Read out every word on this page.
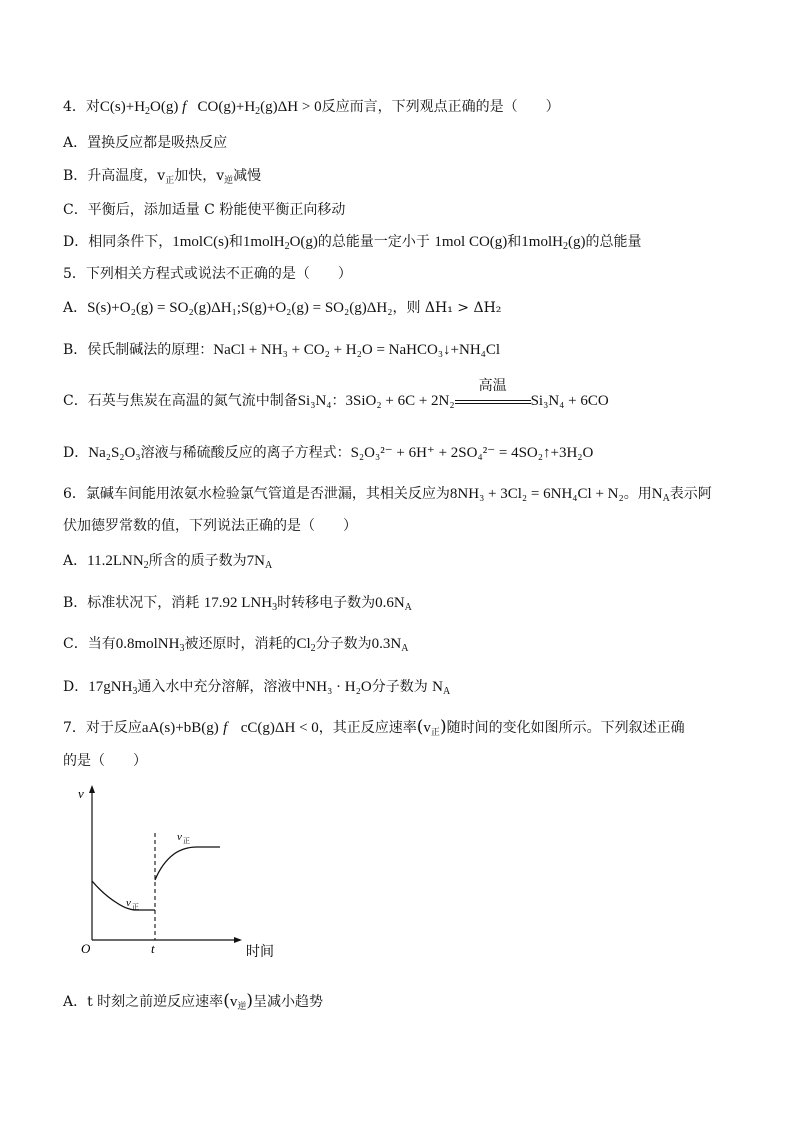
4．对$C(s)+H_2O(g)$ f $CO(g)+H_2(g)\Delta H > 0$反应而言，下列观点正确的是（　　）
A．置换反应都是吸热反应
B．升高温度，$v_正$加快，$v_逆$减慢
C．平衡后，添加适量 C 粉能使平衡正向移动
D．相同条件下，1molC(s)和1molH$_2$O(g)的总能量一定小于 1mol CO(g)和1molH$_2$(g)的总能量
5．下列相关方程式或说法不正确的是（　　）
A．S(s)+O₂(g) = SO₂(g)ΔH₁;S(g)+O₂(g) = SO₂(g)ΔH₂，则 ΔH₁ > ΔH₂
B．侯氏制碱法的原理：NaCl + NH₃ + CO₂ + H₂O = NaHCO₃↓+NH₄Cl
C．石英与焦炭在高温的氮气流中制备Si₃N₄：3SiO₂ + 6C + 2N₂
高温
Si₃N₄ + 6CO
D．Na₂S₂O₃溶液与稀硫酸反应的离子方程式：S₂O₃²⁻ + 6H⁺ + 2SO₄²⁻ = 4SO₂↑+3H₂O
6．氯碱车间能用浓氨水检验氯气管道是否泄漏，其相关反应为8NH₃ + 3Cl₂ = 6NH₄Cl + N₂。用$N_A$表示阿
伏加德罗常数的值，下列说法正确的是（　　）
A．$11.2LNN_2$所含的质子数为$7N_A$
B．标准状况下，消耗 17.92 $LNH_3$时转移电子数为$0.6N_A$
C．当有0.8molNH$_3$被还原时，消耗的$Cl_2$分子数为$0.3N_A$
D．17gNH$_3$通入水中充分溶解，溶液中NH₃ · H₂O分子数为 $N_A$
7．对于反应aA(s)+bB(g) f cC(g)ΔH < 0，其正反应速率$(v_正)$随时间的变化如图所示。下列叙述正确
的是（　　）
v
O	t	时间
v 正
v 正
A．t 时刻之前逆反应速率$(v_逆)$呈减小趋势
